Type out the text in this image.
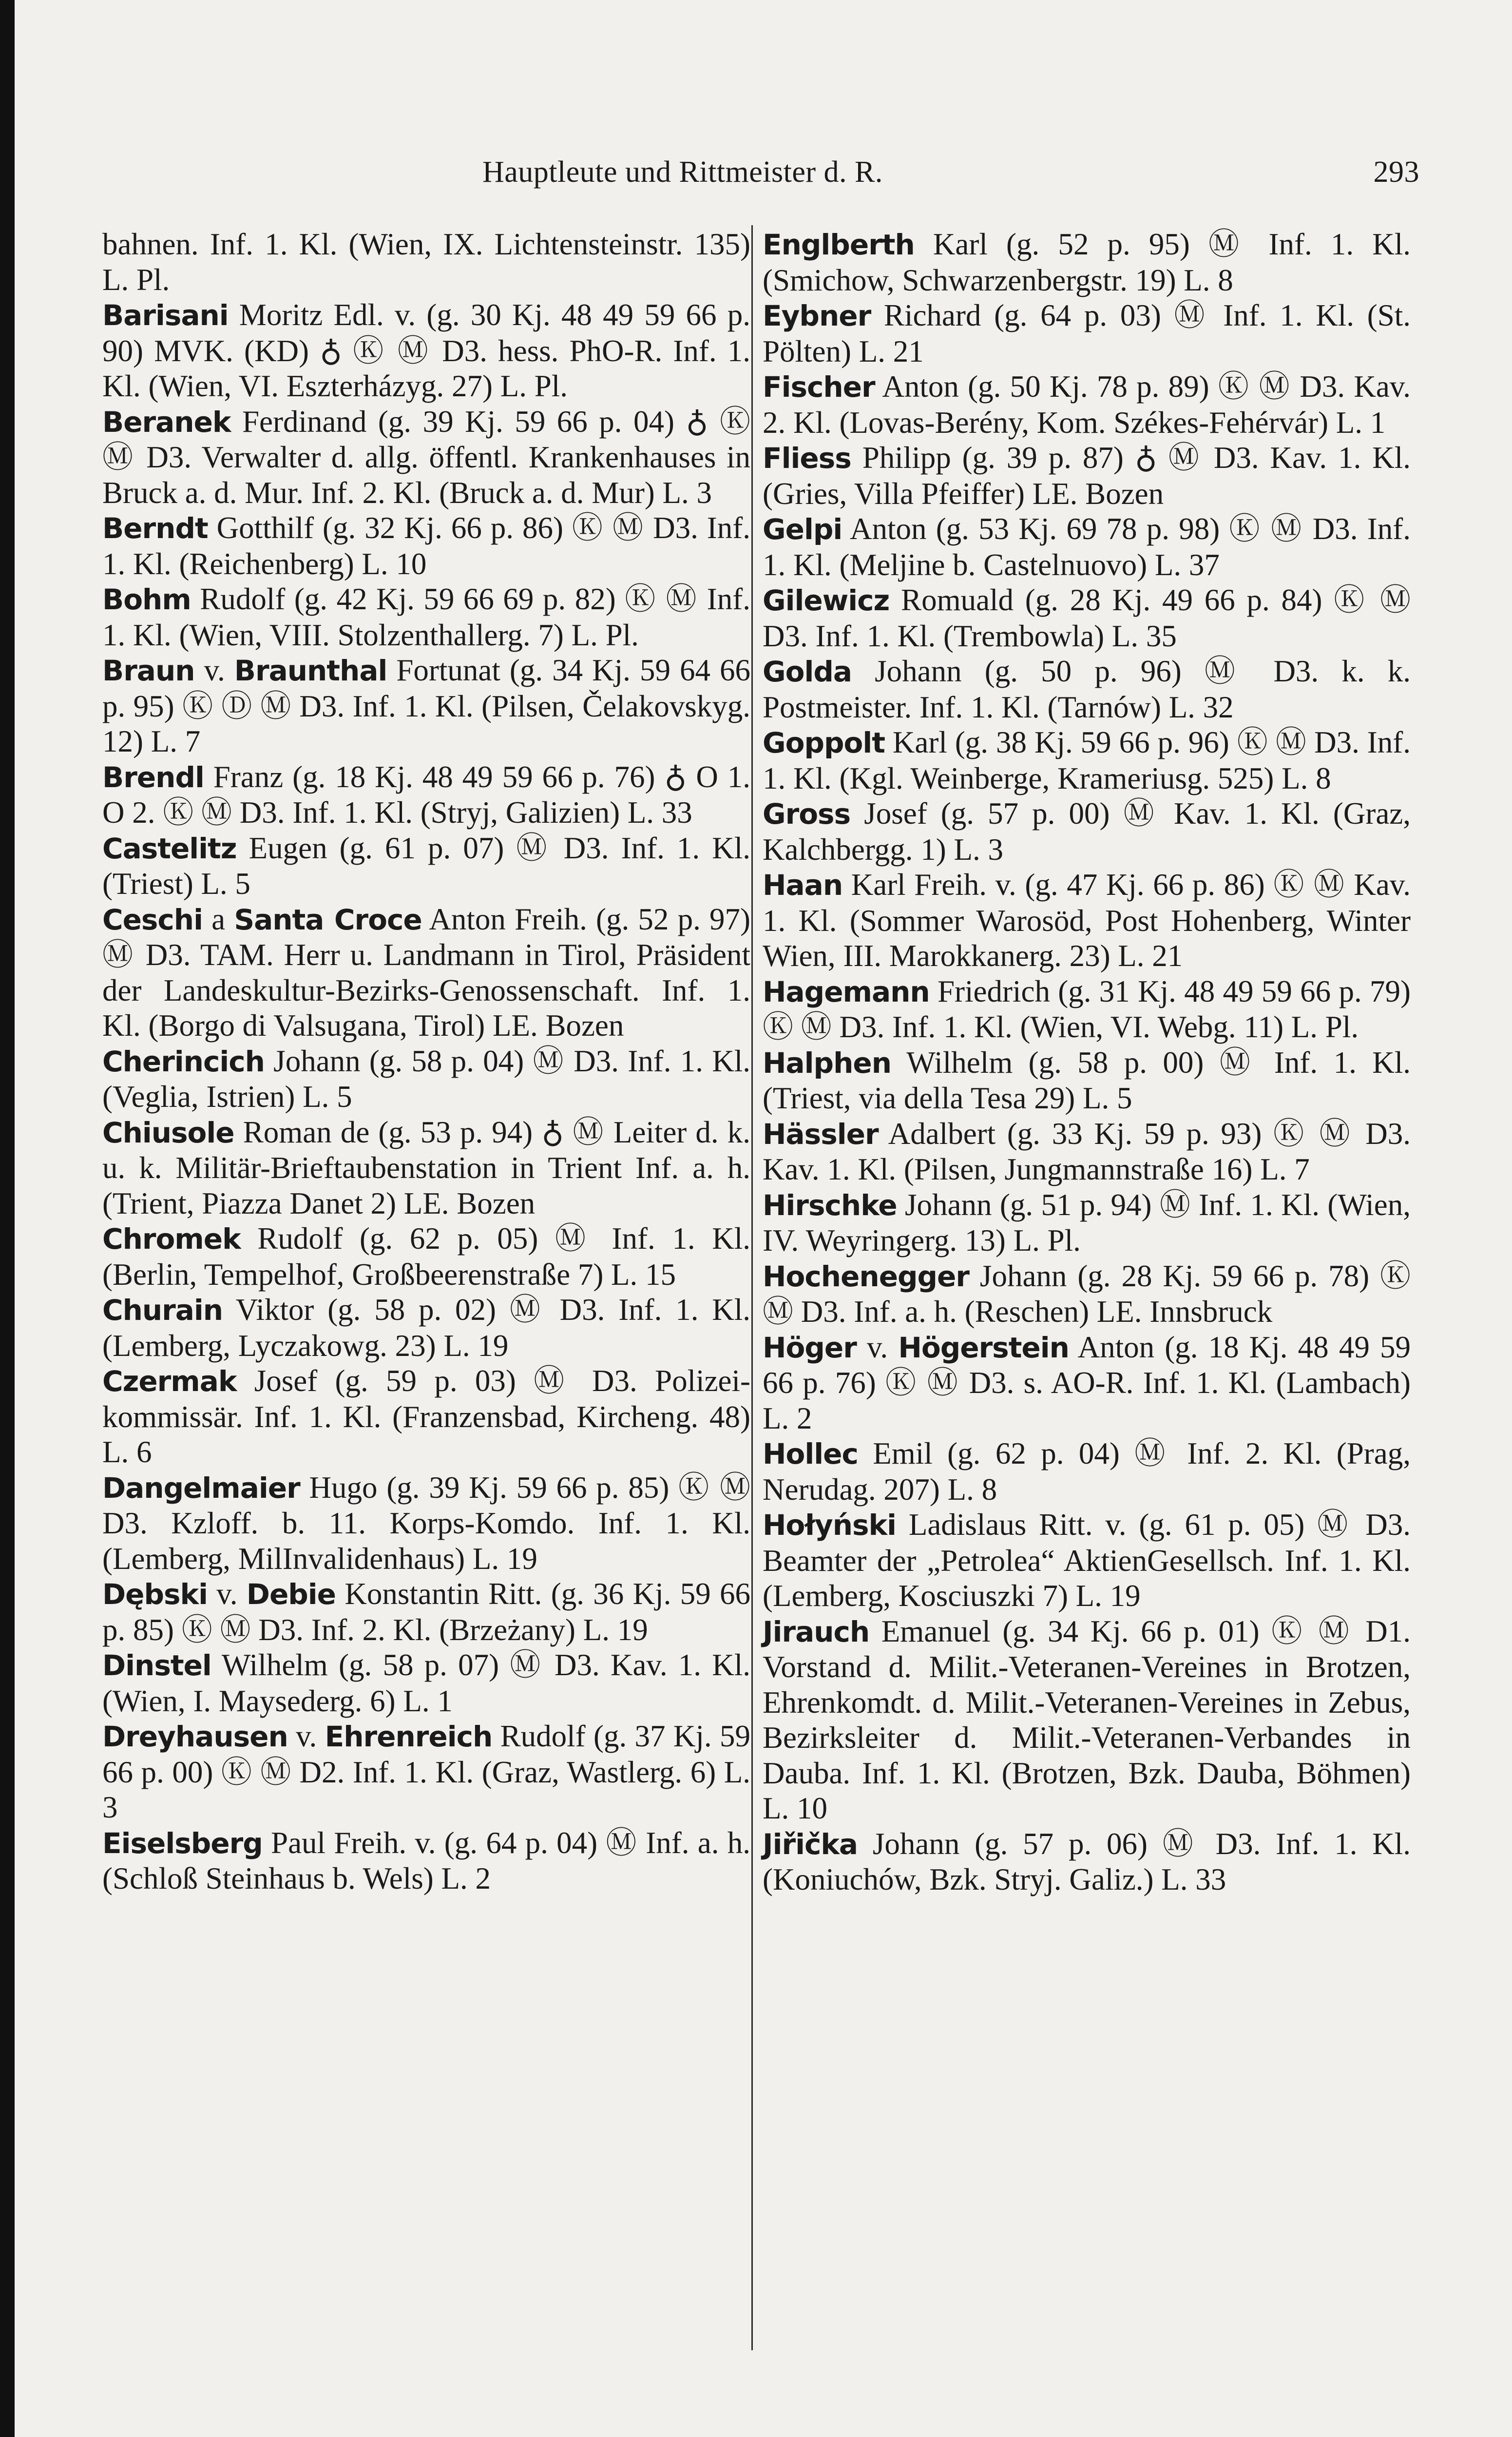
Hauptleute und Rittmeister d. R.	293
bahnen. Inf. 1. Kl. (Wien, IX. Lichtensteinstr. 135) L. Pl.
Barisani Moritz Edl. v. (g. 30 Kj. 48 49 59 66 p. 90) MVK. (KD) ♁ Ⓚ Ⓜ D3. hess. PhO-R. Inf. 1. Kl. (Wien, VI. Eszterházyg. 27) L. Pl.
Beranek Ferdinand (g. 39 Kj. 59 66 p. 04) ♁ Ⓚ Ⓜ D3. Verwalter d. allg. öffentl. Krankenhauses in Bruck a. d. Mur. Inf. 2. Kl. (Bruck a. d. Mur) L. 3
Berndt Gotthilf (g. 32 Kj. 66 p. 86) Ⓚ Ⓜ D3. Inf. 1. Kl. (Reichenberg) L. 10
Bohm Rudolf (g. 42 Kj. 59 66 69 p. 82) Ⓚ Ⓜ Inf. 1. Kl. (Wien, VIII. Stolzenthallerg. 7) L. Pl.
Braun v. Braunthal Fortunat (g. 34 Kj. 59 64 66 p. 95) Ⓚ Ⓓ Ⓜ D3. Inf. 1. Kl. (Pilsen, Čelakovskyg. 12) L. 7
Brendl Franz (g. 18 Kj. 48 49 59 66 p. 76) ♁ O 1. O 2. Ⓚ Ⓜ D3. Inf. 1. Kl. (Stryj, Galizien) L. 33
Castelitz Eugen (g. 61 p. 07) Ⓜ D3. Inf. 1. Kl. (Triest) L. 5
Ceschi a Santa Croce Anton Freih. (g. 52 p. 97) Ⓜ D3. TAM. Herr u. Landmann in Tirol, Präsident der Landeskultur-Bezirks-Genossenschaft. Inf. 1. Kl. (Borgo di Valsugana, Tirol) LE. Bozen
Cherincich Johann (g. 58 p. 04) Ⓜ D3. Inf. 1. Kl. (Veglia, Istrien) L. 5
Chiusole Roman de (g. 53 p. 94) ♁ Ⓜ Leiter d. k. u. k. Militär-Brieftaubenstation in Trient Inf. a. h. (Trient, Piazza Danet 2) LE. Bozen
Chromek Rudolf (g. 62 p. 05) Ⓜ Inf. 1. Kl. (Berlin, Tempelhof, Großbeerenstraße 7) L. 15
Churain Viktor (g. 58 p. 02) Ⓜ D3. Inf. 1. Kl. (Lemberg, Lyczakowg. 23) L. 19
Czermak Josef (g. 59 p. 03) Ⓜ D3. Polizeikommissär. Inf. 1. Kl. (Franzensbad, Kircheng. 48) L. 6
Dangelmaier Hugo (g. 39 Kj. 59 66 p. 85) Ⓚ Ⓜ D3. Kzloff. b. 11. Korps-Komdo. Inf. 1. Kl. (Lemberg, MilInvalidenhaus) L. 19
Dębski v. Debie Konstantin Ritt. (g. 36 Kj. 59 66 p. 85) Ⓚ Ⓜ D3. Inf. 2. Kl. (Brzeżany) L. 19
Dinstel Wilhelm (g. 58 p. 07) Ⓜ D3. Kav. 1. Kl. (Wien, I. Maysederg. 6) L. 1
Dreyhausen v. Ehrenreich Rudolf (g. 37 Kj. 59 66 p. 00) Ⓚ Ⓜ D2. Inf. 1. Kl. (Graz, Wastlerg. 6) L. 3
Eiselsberg Paul Freih. v. (g. 64 p. 04) Ⓜ Inf. a. h. (Schloß Steinhaus b. Wels) L. 2
Englberth Karl (g. 52 p. 95) Ⓜ Inf. 1. Kl. (Smichow, Schwarzenbergstr. 19) L. 8
Eybner Richard (g. 64 p. 03) Ⓜ Inf. 1. Kl. (St. Pölten) L. 21
Fischer Anton (g. 50 Kj. 78 p. 89) Ⓚ Ⓜ D3. Kav. 2. Kl. (Lovas-Berény, Kom. Székes-Fehérvár) L. 1
Fliess Philipp (g. 39 p. 87) ♁ Ⓜ D3. Kav. 1. Kl. (Gries, Villa Pfeiffer) LE. Bozen
Gelpi Anton (g. 53 Kj. 69 78 p. 98) Ⓚ Ⓜ D3. Inf. 1. Kl. (Meljine b. Castelnuovo) L. 37
Gilewicz Romuald (g. 28 Kj. 49 66 p. 84) Ⓚ Ⓜ D3. Inf. 1. Kl. (Trembowla) L. 35
Golda Johann (g. 50 p. 96) Ⓜ D3. k. k. Postmeister. Inf. 1. Kl. (Tarnów) L. 32
Goppolt Karl (g. 38 Kj. 59 66 p. 96) Ⓚ Ⓜ D3. Inf. 1. Kl. (Kgl. Weinberge, Krameriusg. 525) L. 8
Gross Josef (g. 57 p. 00) Ⓜ Kav. 1. Kl. (Graz, Kalchbergg. 1) L. 3
Haan Karl Freih. v. (g. 47 Kj. 66 p. 86) Ⓚ Ⓜ Kav. 1. Kl. (Sommer Warosöd, Post Hohenberg, Winter Wien, III. Marokkanerg. 23) L. 21
Hagemann Friedrich (g. 31 Kj. 48 49 59 66 p. 79) Ⓚ Ⓜ D3. Inf. 1. Kl. (Wien, VI. Webg. 11) L. Pl.
Halphen Wilhelm (g. 58 p. 00) Ⓜ Inf. 1. Kl. (Triest, via della Tesa 29) L. 5
Hässler Adalbert (g. 33 Kj. 59 p. 93) Ⓚ Ⓜ D3. Kav. 1. Kl. (Pilsen, Jungmannstraße 16) L. 7
Hirschke Johann (g. 51 p. 94) Ⓜ Inf. 1. Kl. (Wien, IV. Weyringerg. 13) L. Pl.
Hochenegger Johann (g. 28 Kj. 59 66 p. 78) Ⓚ Ⓜ D3. Inf. a. h. (Reschen) LE. Innsbruck
Höger v. Högerstein Anton (g. 18 Kj. 48 49 59 66 p. 76) Ⓚ Ⓜ D3. s. AO-R. Inf. 1. Kl. (Lambach) L. 2
Hollec Emil (g. 62 p. 04) Ⓜ Inf. 2. Kl. (Prag, Nerudag. 207) L. 8
Hołyński Ladislaus Ritt. v. (g. 61 p. 05) Ⓜ D3. Beamter der „Petrolea“ AktienGesellsch. Inf. 1. Kl. (Lemberg, Kosciuszki 7) L. 19
Jirauch Emanuel (g. 34 Kj. 66 p. 01) Ⓚ Ⓜ D1. Vorstand d. Milit.-Veteranen-Vereines in Brotzen, Ehrenkomdt. d. Milit.-Veteranen-Vereines in Zebus, Bezirksleiter d. Milit.-Veteranen-Verbandes in Dauba. Inf. 1. Kl. (Brotzen, Bzk. Dauba, Böhmen) L. 10
Jiřička Johann (g. 57 p. 06) Ⓜ D3. Inf. 1. Kl. (Koniuchów, Bzk. Stryj. Galiz.) L. 33
